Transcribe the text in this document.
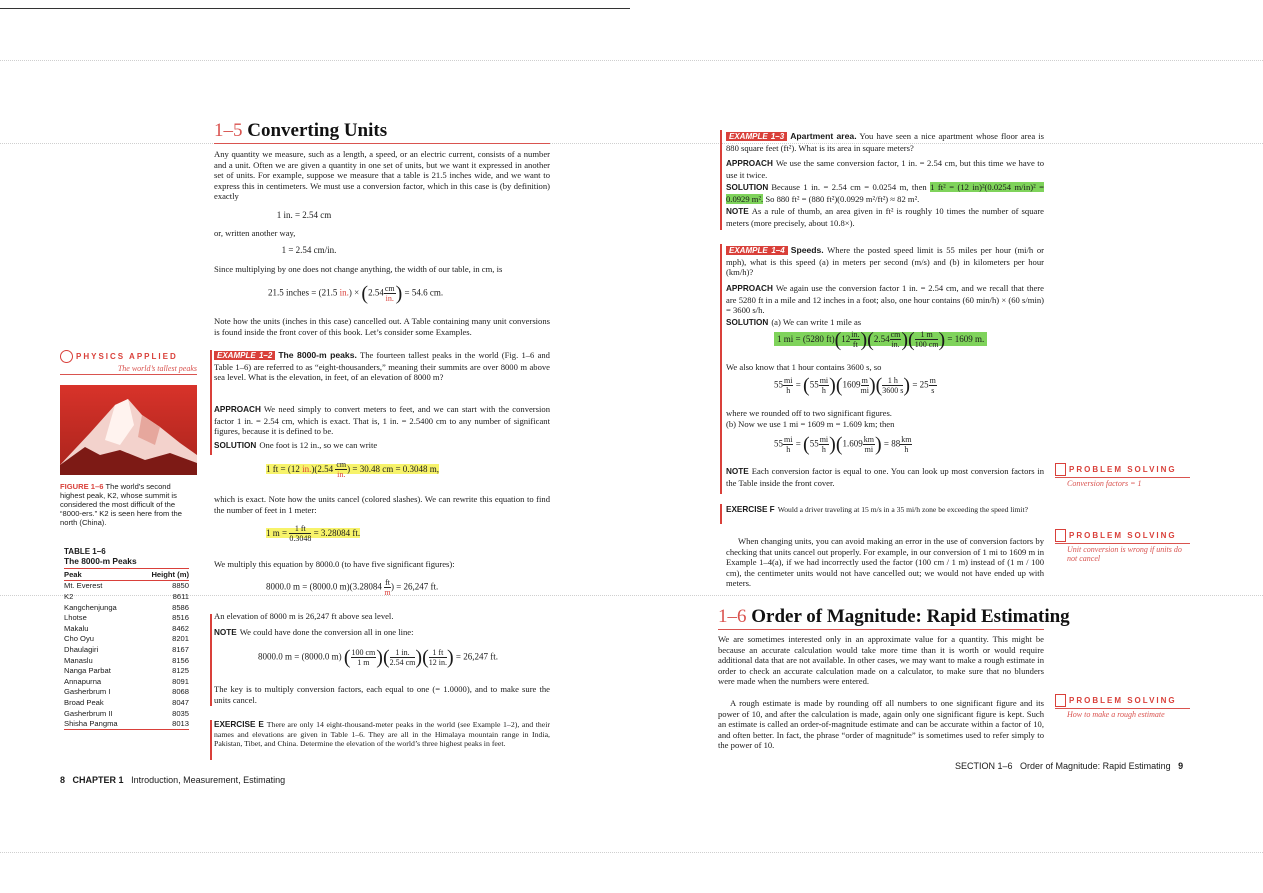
1–5 Converting Units
Any quantity we measure, such as a length, a speed, or an electric current, consists of a number and a unit. Often we are given a quantity in one set of units, but we want it expressed in another set of units. For example, suppose we measure that a table is 21.5 inches wide, and we want to express this in centimeters. We must use a conversion factor, which in this case is (by definition) exactly
1 in. = 2.54 cm
or, written another way,
1 = 2.54 cm/in.
Since multiplying by one does not change anything, the width of our table, in cm, is
21.5 inches = (21.5 $in.) \times (2.54 \frac{cm}{in.}$ ) = 54.6 cm.
Note how the units (inches in this case) cancelled out. A Table containing many unit conversions is found inside the front cover of this book. Let’s consider some Examples.
EXAMPLE 1–2 The 8000-m peaks. The fourteen tallest peaks in the world (Fig. 1–6 and Table 1–6) are referred to as “eight-thousanders,” meaning their summits are over 8000 m above sea level. What is the elevation, in feet, of an elevation of 8000 m?
APPROACH We need simply to convert meters to feet, and we can start with the conversion factor 1 in. = 2.54 cm, which is exact. That is, 1 in. = 2.5400 cm to any number of significant figures, because it is defined to be.
SOLUTION One foot is 12 in., so we can write
1 ft = (12 $in.)(2.54 \frac{cm}{in.}$ ) = 30.48 cm = 0.3048 m,
which is exact. Note how the units cancel (colored slashes). We can rewrite this equation to find the number of feet in 1 meter:
1 $m = \frac{1 ft}{0.3048} = 3.28084$ ft.
We multiply this equation by 8000.0 (to have five significant figures):
8000.0 m = (8000.0 $m)(3.28084 \frac{ft}{m}$ ) = 26,247 ft.
An elevation of 8000 m is 26,247 ft above sea level.
NOTE We could have done the conversion all in one line:
8000.0 m = (8000.0 m) ( $\frac{100 cm}{1 m}$ )( $\frac{1 in.}{2.54 cm}$ )( $\frac{1 ft}{12 in.}$ ) = 26,247 ft.
The key is to multiply conversion factors, each equal to one (= 1.0000), and to make sure the units cancel.
EXERCISE E There are only 14 eight-thousand-meter peaks in the world (see Example 1–2), and their names and elevations are given in Table 1–6. They are all in the Himalaya mountain range in India, Pakistan, Tibet, and China. Determine the elevation of the world’s three highest peaks in feet.
8 CHAPTER 1 Introduction, Measurement, Estimating
PHYSICS APPLIED
The world’s tallest peaks
FIGURE 1–6 The world’s second highest peak, K2, whose summit is considered the most difficult of the “8000-ers.” K2 is seen here from the north (China).
TABLE 1–6
The 8000-m Peaks
Peak	Height (m)
Mt. Everest	8850
K2	8611
Kangchenjunga	8586
Lhotse	8516
Makalu	8462
Cho Oyu	8201
Dhaulagiri	8167
Manaslu	8156
Nanga Parbat	8125
Annapurna	8091
Gasherbrum I	8068
Broad Peak	8047
Gasherbrum II	8035
Shisha Pangma	8013
EXAMPLE 1–3 Apartment area. You have seen a nice apartment whose floor area is 880 square feet (ft²). What is its area in square meters?
APPROACH We use the same conversion factor, 1 in. = 2.54 cm, but this time we have to use it twice.
SOLUTION Because 1 in. = 2.54 cm = 0.0254 m, then 1 ft² = (12 in)²(0.0254 m/in)² = 0.0929 m². So 880 ft² = (880 ft²)(0.0929 m²/ft²) ≈ 82 m².
NOTE As a rule of thumb, an area given in ft² is roughly 10 times the number of square meters (more precisely, about 10.8×).
EXAMPLE 1–4 Speeds. Where the posted speed limit is 55 miles per hour (mi/h or mph), what is this speed (a) in meters per second (m/s) and (b) in kilometers per hour (km/h)?
APPROACH We again use the conversion factor 1 in. = 2.54 cm, and we recall that there are 5280 ft in a mile and 12 inches in a foot; also, one hour contains (60 min/h) × (60 s/min) = 3600 s/h.
SOLUTION (a) We can write 1 mile as
1 mi = (5280 $ft)(12 \frac{in.}{ft} )(2.54 \frac{cm}{in.}$ )( $\frac{1 m}{100 cm}$ ) = 1609 m.
We also know that 1 hour contains 3600 s, so
$55 \frac{mi}{h} = (55 \frac{mi}{h} )(1609 \frac{m}{mi}$ )( $\frac{1 h}{3600 s}$ ) = $25 \frac{m}{s}$
where we rounded off to two significant figures.
(b) Now we use 1 mi = 1609 m = 1.609 km; then
$55 \frac{mi}{h} = (55 \frac{mi}{h} )(1.609 \frac{km}{mi}$ ) = $88 \frac{km}{h}$
NOTE Each conversion factor is equal to one. You can look up most conversion factors in the Table inside the front cover.
EXERCISE F Would a driver traveling at 15 m/s in a 35 mi/h zone be exceeding the speed limit?
When changing units, you can avoid making an error in the use of conversion factors by checking that units cancel out properly. For example, in our conversion of 1 mi to 1609 m in Example 1–4(a), if we had incorrectly used the factor (100 cm / 1 m) instead of (1 m / 100 cm), the centimeter units would not have cancelled out; we would not have ended up with meters.
1–6 Order of Magnitude: Rapid Estimating
We are sometimes interested only in an approximate value for a quantity. This might be because an accurate calculation would take more time than it is worth or would require additional data that are not available. In other cases, we may want to make a rough estimate in order to check an accurate calculation made on a calculator, to make sure that no blunders were made when the numbers were entered.
A rough estimate is made by rounding off all numbers to one significant figure and its power of 10, and after the calculation is made, again only one significant figure is kept. Such an estimate is called an order-of-magnitude estimate and can be accurate within a factor of 10, and often better. In fact, the phrase “order of magnitude” is sometimes used to refer simply to the power of 10.
SECTION 1–6 Order of Magnitude: Rapid Estimating 9
PROBLEM SOLVING
Conversion factors = 1
PROBLEM SOLVING
Unit conversion is wrong if units do not cancel
PROBLEM SOLVING
How to make a rough estimate
